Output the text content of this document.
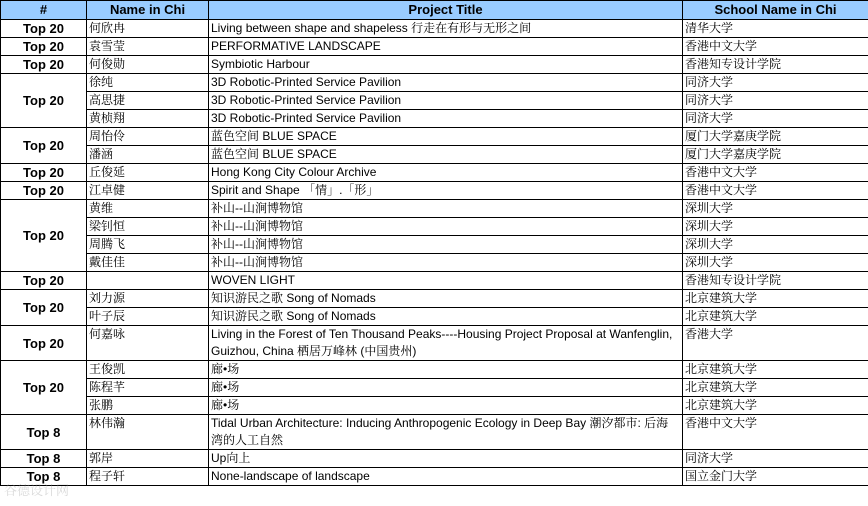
#	Name in Chi	Project Title	School Name in Chi
Top 20	何欣冉	Living between shape and shapeless 行走在有形与无形之间	清华大学
Top 20	袁雪莹	PERFORMATIVE LANDSCAPE	香港中文大学
Top 20	何俊勋	Symbiotic Harbour	香港知专设计学院
Top 20	徐纯	3D Robotic-Printed Service Pavilion	同济大学
	高思捷	3D Robotic-Printed Service Pavilion	同济大学
	黄桢翔	3D Robotic-Printed Service Pavilion	同济大学
Top 20	周怡伶	蓝色空间 BLUE SPACE	厦门大学嘉庚学院
	潘涵	蓝色空间 BLUE SPACE	厦门大学嘉庚学院
Top 20	丘俊延	Hong Kong City Colour Archive	香港中文大学
Top 20	江卓健	Spirit and Shape 「情」.「形」	香港中文大学
Top 20	黄维	补山--山涧博物馆	深圳大学
	梁钊恒	补山--山涧博物馆	深圳大学
	周腾飞	补山--山涧博物馆	深圳大学
	戴佳佳	补山--山涧博物馆	深圳大学
Top 20		WOVEN LIGHT	香港知专设计学院
Top 20	刘力源	知识游民之歌 Song of Nomads	北京建筑大学
	叶子辰	知识游民之歌 Song of Nomads	北京建筑大学
Top 20	何嘉咏	Living in the Forest of Ten Thousand Peaks----Housing Project Proposal at Wanfenglin, Guizhou, China 栖居万峰林 (中国贵州)	香港大学
Top 20	王俊凯	廊•场	北京建筑大学
	陈程芊	廊•场	北京建筑大学
	张鹏	廊•场	北京建筑大学
Top 8	林伟瀚	Tidal Urban Architecture: Inducing Anthropogenic Ecology in Deep Bay 潮汐都市: 后海湾的人工自然	香港中文大学
Top 8	郭岸	Up向上	同济大学
Top 8	程子轩	None-landscape of landscape	国立金门大学
谷德设计网
